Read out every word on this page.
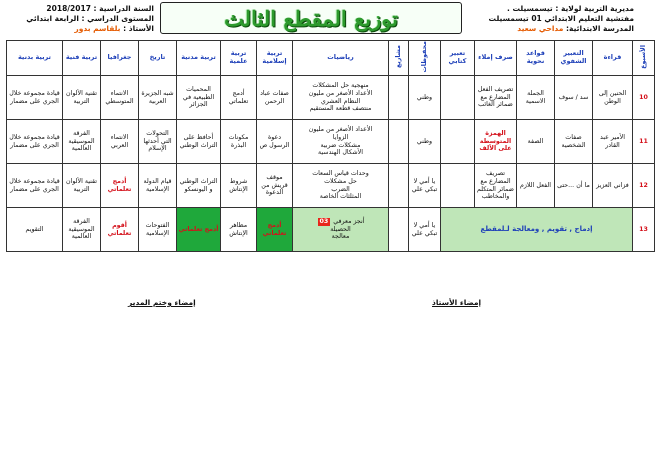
السنة الدراسية : 2018/2017
المستوى الدراسي : الرابعة ابتدائي
الأستاذ : بلقاسم بدور	توزيع المقطع الثالث	مديرية التربية لولاية : تيسمسيلت .
مفتشية التعليم الابتدائي 01 تيسمسيلت
المدرسة الابتدائية: مداحي سعيد
الأسبوع	قراءة	التعبير الشفوي	قواعد نحوية	صرف إملاء	تعبير كتابي	محفوظات	مشاريع	رياضيات	تربية إسلامية	تربية علمية	تربية مدنية	تاريخ	جغرافيا	تربية فنية	تربية بدنية
10	الحنين إلى الوطن	سد / سوف	الجملة الاسمية	تصريف الفعل المضارع مع ضمائر الغائب		وطني		منهجية حل المشكلات
الأعداد الأصغر من مليون
النظام العشري
منتصف قطعة المستقيم	صفات عباد الرحمن	أدمج تعلماتي	المحميات الطبيعية في الجزائر	شبه الجزيرة العربية	الانتماء المتوسطي	تقنية الألوان التربية	قيادة مجموعة خلال الجري على مضمار
11	الأمير عبد القادر	صفات الشخصية	الصفة	الهمزة المتوسطة على الألف		وطني		الأعداد الأصغر من مليون
الزوايا
مشكلات ضربية
الأشكال الهندسية	دعوة الرسول ص	مكونات البذرة	أحافظ على التراث الوطني	التحولات التي أحدثها الإسلام	الانتماء العربي	الفرقة الموسيقية العالمية	قيادة مجموعة خلال الجري على مضمار
12	فزاني العزيز	ما أن ...حتى	الفعل اللازم	تصريف المضارع مع ضمائر المتكلم والمخاطب		يا أمي لا تبكي علي		وحدات قياس السعات
حل مشكلات
الضرب
المثلثات الخاصة	موقف قريش من الدعوة	شروط الإنتاش	التراث الوطني و اليونسكو	قيام الدولة الإسلامية	أدمج تعلماتي	تقنية الألوان التربية	قيادة مجموعة خلال الجري على مضمار
13	إدماج , تقويم , ومعالجة لـلمقطع					يا أمي لا تبكي علي		أنجز معرفي 03
الحصيلة
معالجة	أدمج تعلماتي	مظاهر الإنتاش	أدمج تعلماتي	الفتوحات الإسلامية	أقوم تعلماتي	الفرقة الموسيقية العالمية	التقويم
إمضاء وختم المدير	إمضاء الأستاذ
